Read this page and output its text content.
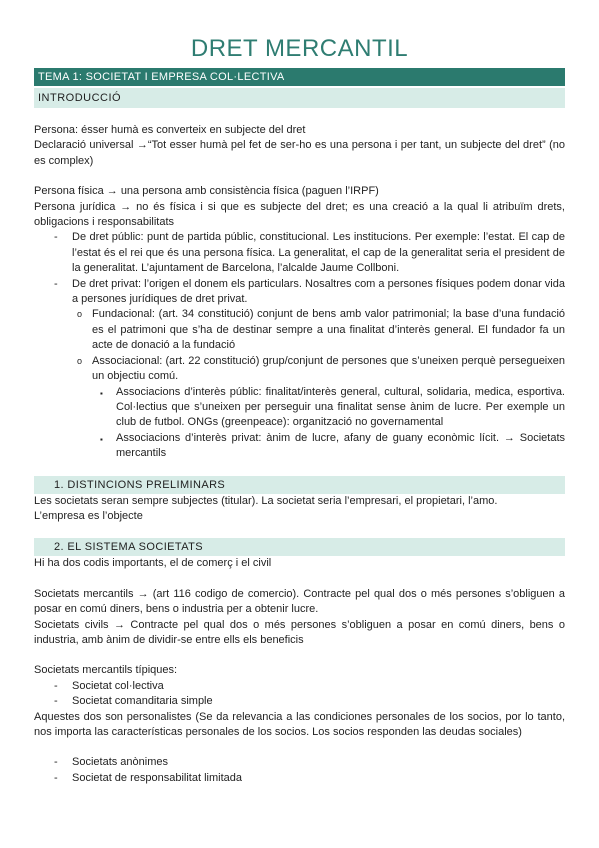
DRET MERCANTIL
TEMA 1: SOCIETAT I EMPRESA COL·LECTIVA
INTRODUCCIÓ

Persona: ésser humà es converteix en subjecte del dret

Declaració universal →“Tot esser humà pel fet de ser-ho es una persona i per tant, un subjecte del dret” (no es complex)

Persona física → una persona amb consistència física (paguen l’IRPF)

Persona jurídica → no és física i si que es subjecte del dret; es una creació a la qual li atribuïm drets, obligacions i responsabilitats

- De dret públic: punt de partida públic, constitucional. Les institucions. Per exemple: l’estat. El cap de l’estat és el rei que és una persona física. La generalitat, el cap de la generalitat seria el president de la generalitat. L’ajuntament de Barcelona, l’alcalde Jaume Collboni.
- De dret privat: l’origen el donem els particulars. Nosaltres com a persones físiques podem donar vida a persones jurídiques de dret privat.
o Fundacional: (art. 34 constitució) conjunt de bens amb valor patrimonial; la base d’una fundació es el patrimoni que s’ha de destinar sempre a una finalitat d’interès general. El fundador fa un acte de donació a la fundació
o Associacional: (art. 22 constitució) grup/conjunt de persones que s’uneixen perquè persegueixen un objectiu comú.
▪ Associacions d’interès públic: finalitat/interès general, cultural, solidaria, medica, esportiva. Col·lectius que s’uneixen per perseguir una finalitat sense ànim de lucre. Per exemple un club de futbol. ONGs (greenpeace): organització no governamental
▪ Associacions d’interès privat: ànim de lucre, afany de guany econòmic lícit. → Societats mercantils
1. DISTINCIONS PRELIMINARS

Les societats seran sempre subjectes (titular). La societat seria l’empresari, el propietari, l’amo.

L’empresa es l’objecte

2. EL SISTEMA SOCIETATS

Hi ha dos codis importants, el de comerç i el civil

Societats mercantils → (art 116 codigo de comercio). Contracte pel qual dos o més persones s’obliguen a posar en comú diners, bens o industria per a obtenir lucre.

Societats civils → Contracte pel qual dos o més persones s’obliguen a posar en comú diners, bens o industria, amb ànim de dividir-se entre ells els beneficis

Societats mercantils típiques:

- Societat col·lectiva
- Societat comanditaria simple

Aquestes dos son personalistes (Se da relevancia a las condiciones personales de los socios, por lo tanto, nos importa las características personales de los socios. Los socios responden las deudas sociales)

- Societats anònimes
- Societat de responsabilitat limitada
